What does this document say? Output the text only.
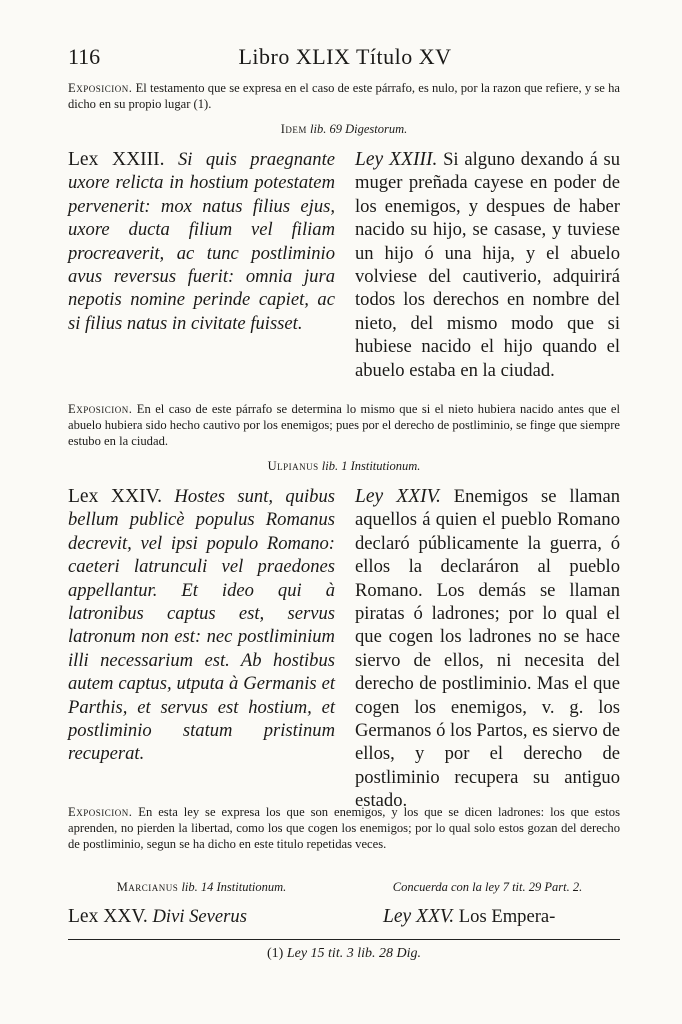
116	Libro XLIX Título XV
Exposicion. El testamento que se expresa en el caso de este párrafo, es nulo, por la razon que refiere, y se ha dicho en su propio lugar (1).
Idem lib. 69 Digestorum.
Lex XXIII. Si quis praegnante uxore relicta in hostium potestatem pervenerit: mox natus filius ejus, uxore ducta filium vel filiam procreaverit, ac tunc postliminio avus reversus fuerit: omnia jura nepotis nomine perinde capiet, ac si filius natus in civitate fuisset.
Ley XXIII. Si alguno dexando á su muger preñada cayese en poder de los enemigos, y despues de haber nacido su hijo, se casase, y tuviese un hijo ó una hija, y el abuelo volviese del cautiverio, adquirirá todos los derechos en nombre del nieto, del mismo modo que si hubiese nacido el hijo quando el abuelo estaba en la ciudad.
Exposicion. En el caso de este párrafo se determina lo mismo que si el nieto hubiera nacido antes que el abuelo hubiera sido hecho cautivo por los enemigos; pues por el derecho de postliminio, se finge que siempre estubo en la ciudad.
Ulpianus lib. 1 Institutionum.
Lex XXIV. Hostes sunt, quibus bellum publicè populus Romanus decrevit, vel ipsi populo Romano: caeteri latrunculi vel praedones appellantur. Et ideo qui à latronibus captus est, servus latronum non est: nec postliminium illi necessarium est. Ab hostibus autem captus, utputa à Germanis et Parthis, et servus est hostium, et postliminio statum pristinum recuperat.
Ley XXIV. Enemigos se llaman aquellos á quien el pueblo Romano declaró públicamente la guerra, ó ellos la declaráron al pueblo Romano. Los demás se llaman piratas ó ladrones; por lo qual el que cogen los ladrones no se hace siervo de ellos, ni necesita del derecho de postliminio. Mas el que cogen los enemigos, v. g. los Germanos ó los Partos, es siervo de ellos, y por el derecho de postliminio recupera su antiguo estado.
Exposicion. En esta ley se expresa los que son enemigos, y los que se dicen ladrones: los que estos aprenden, no pierden la libertad, como los que cogen los enemigos; por lo qual solo estos gozan del derecho de postliminio, segun se ha dicho en este titulo repetidas veces.
Marcianus lib. 14 Institutionum.	Concuerda con la ley 7 tit. 29 Part. 2.
Lex XXV. Divi Severus	Ley XXV. Los Empera-
(1) Ley 15 tit. 3 lib. 28 Dig.
